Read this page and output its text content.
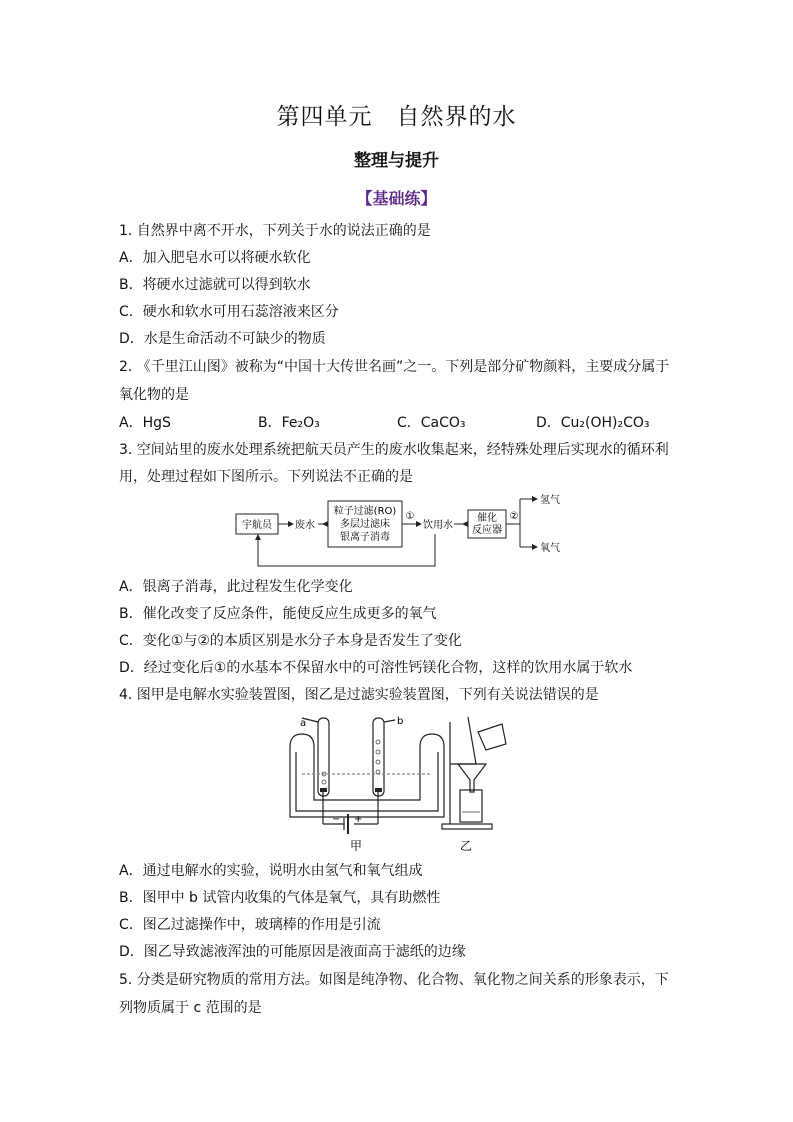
第四单元　自然界的水
整理与提升
【基础练】
1. 自然界中离不开水，下列关于水的说法正确的是
A．加入肥皂水可以将硬水软化
B．将硬水过滤就可以得到软水
C．硬水和软水可用石蕊溶液来区分
D．水是生命活动不可缺少的物质
2. 《千里江山图》被称为“中国十大传世名画”之一。下列是部分矿物颜料，主要成分属于
氧化物的是
A．HgS	B．Fe₂O₃	C．CaCO₃	D．Cu₂(OH)₂CO₃
3. 空间站里的废水处理系统把航天员产生的废水收集起来，经特殊处理后实现水的循环利
用，处理过程如下图所示。下列说法不正确的是
宇航员 废水
粒子过滤(RO)
多层过滤床
银离子消毒
①
饮用水
催化
反应器
②
氢气
氧气
A．银离子消毒，此过程发生化学变化
B．催化改变了反应条件，能使反应生成更多的氧气
C．变化①与②的本质区别是水分子本身是否发生了变化
D．经过变化后①的水基本不保留水中的可溶性钙镁化合物，这样的饮用水属于软水
4. 图甲是电解水实验装置图，图乙是过滤实验装置图，下列有关说法错误的是
a	b
− +
甲	乙
A．通过电解水的实验，说明水由氢气和氧气组成
B．图甲中 b 试管内收集的气体是氧气，具有助燃性
C．图乙过滤操作中，玻璃棒的作用是引流
D．图乙导致滤液浑浊的可能原因是液面高于滤纸的边缘
5. 分类是研究物质的常用方法。如图是纯净物、化合物、氧化物之间关系的形象表示，下
列物质属于 c 范围的是
